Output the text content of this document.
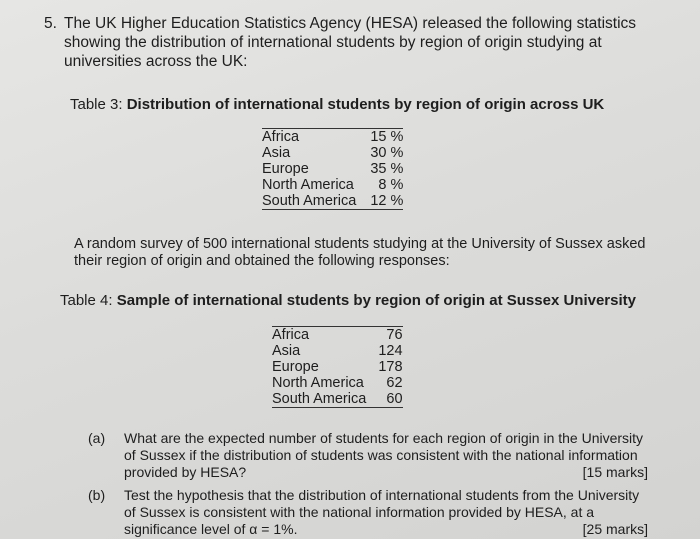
5. The UK Higher Education Statistics Agency (HESA) released the following statistics showing the distribution of international students by region of origin studying at universities across the UK:
Table 3: Distribution of international students by region of origin across UK
Africa	15 %
Asia	30 %
Europe	35 %
North America	8 %
South America	12 %
A random survey of 500 international students studying at the University of Sussex asked their region of origin and obtained the following responses:
Table 4: Sample of international students by region of origin at Sussex University
Africa	76
Asia	124
Europe	178
North America	62
South America	60
(a) What are the expected number of students for each region of origin in the University of Sussex if the distribution of students was consistent with the national information provided by HESA?	[15 marks]
(b) Test the hypothesis that the distribution of international students from the University of Sussex is consistent with the national information provided by HESA, at a significance level of α = 1%.	[25 marks]
